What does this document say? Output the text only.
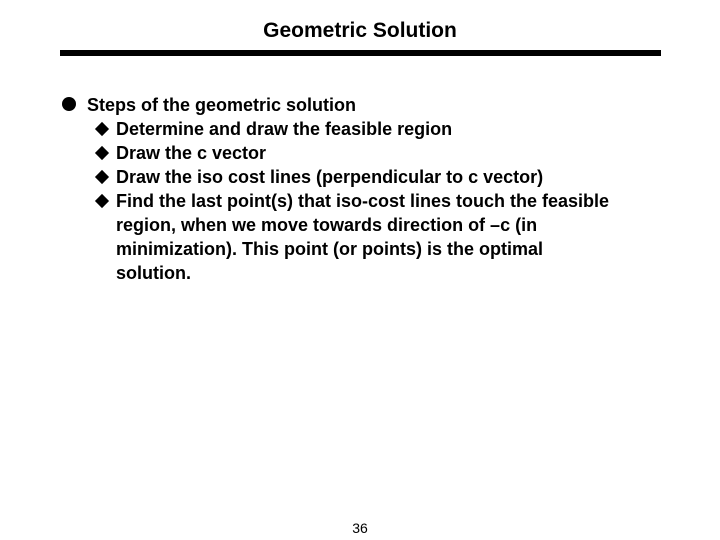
Geometric Solution
Steps of the geometric solution
Determine and draw the feasible region
Draw the c vector
Draw the iso cost lines (perpendicular to c vector)
Find the last point(s) that iso-cost lines touch the feasible region, when we move towards direction of –c (in minimization). This point (or points) is the optimal solution.
36
